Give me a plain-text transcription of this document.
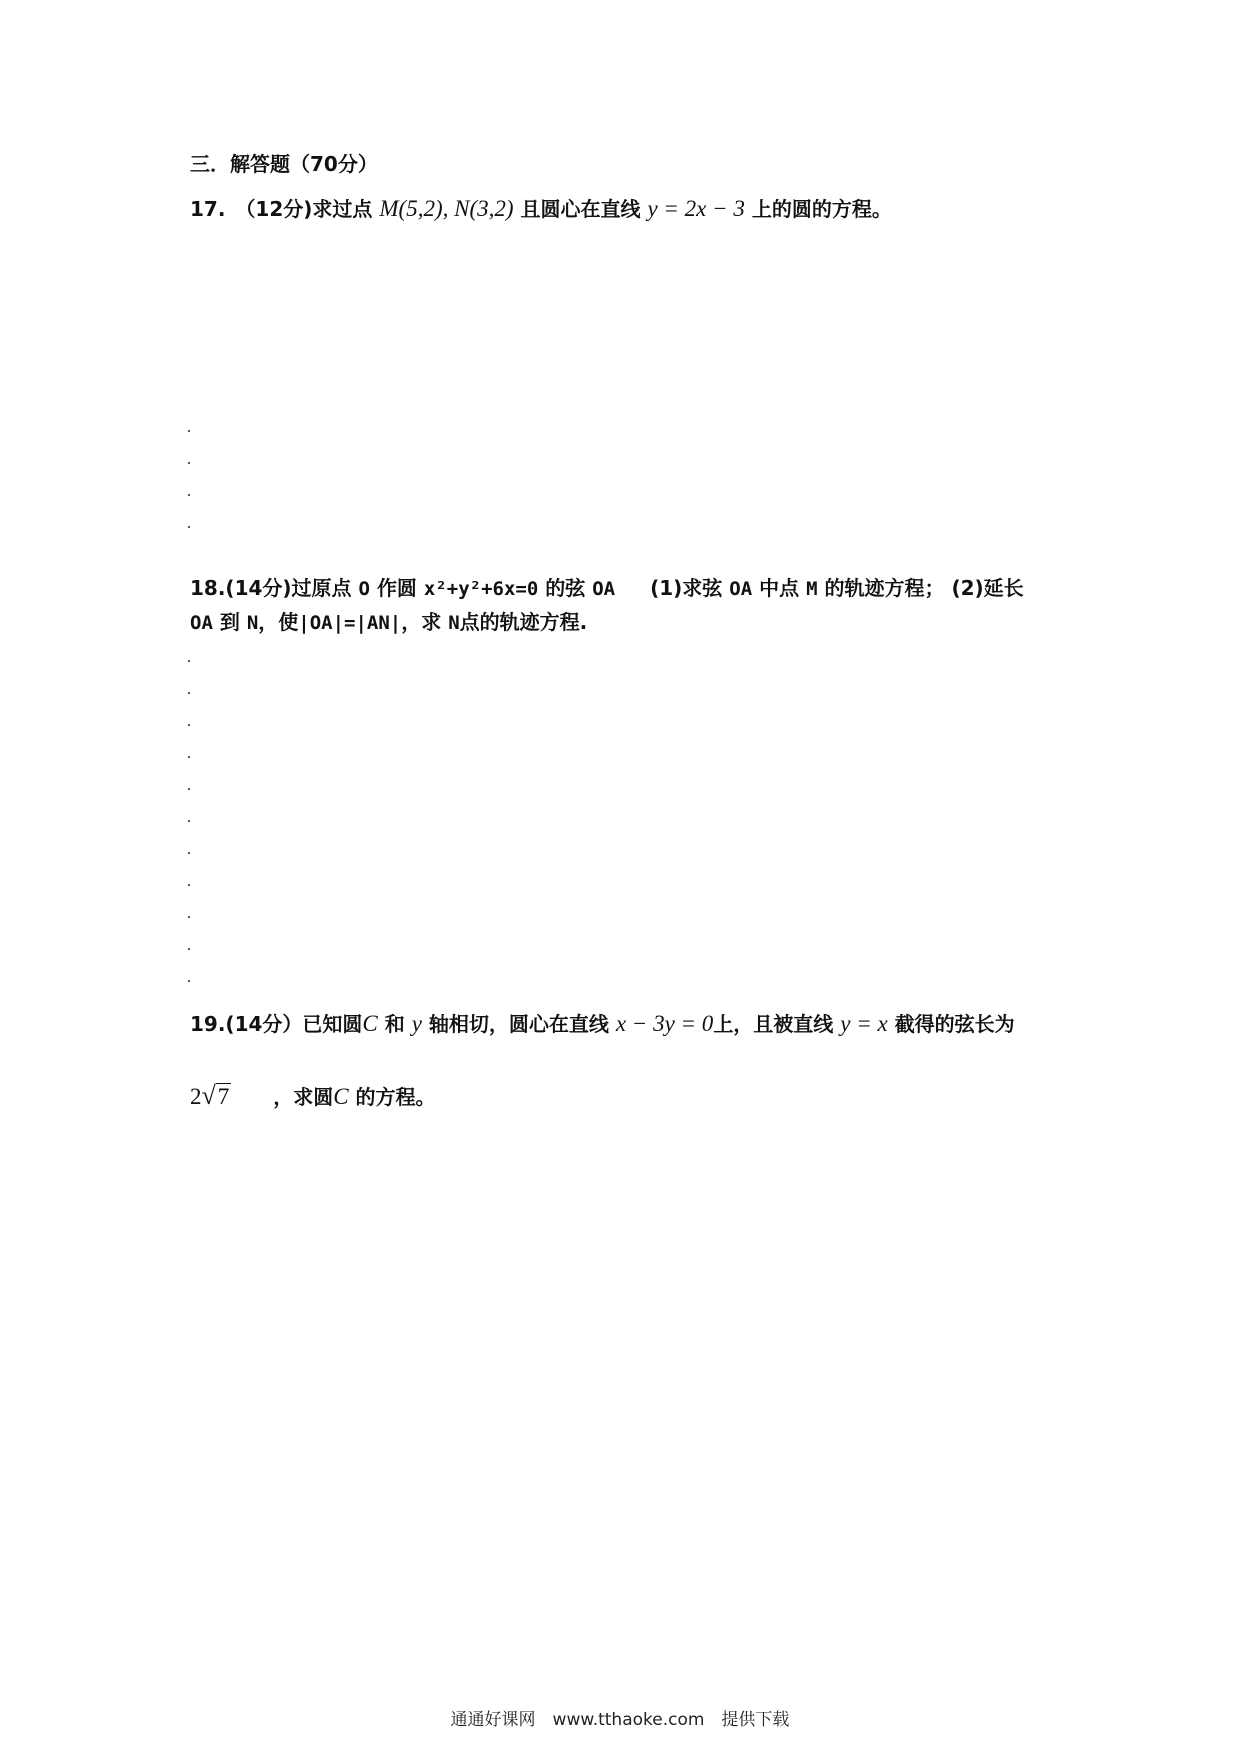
三．解答题（70分）
17.　（12分)求过点 M(5,2), N(3,2) 且圆心在直线 y = 2x − 3 上的圆的方程。
18.(14分)过原点 O 作圆 x²+y²+6x=0 的弦 OA (1)求弦 OA 中点 M 的轨迹方程； (2)延长
OA 到 N，使|OA|=|AN|，求 N点的轨迹方程.
19.(14分）已知圆C 和 y 轴相切，圆心在直线 x − 3y = 0上，且被直线 y = x 截得的弦长为
2√7 ，求圆C 的方程。
通通好课网　www.tthaoke.com　提供下载
